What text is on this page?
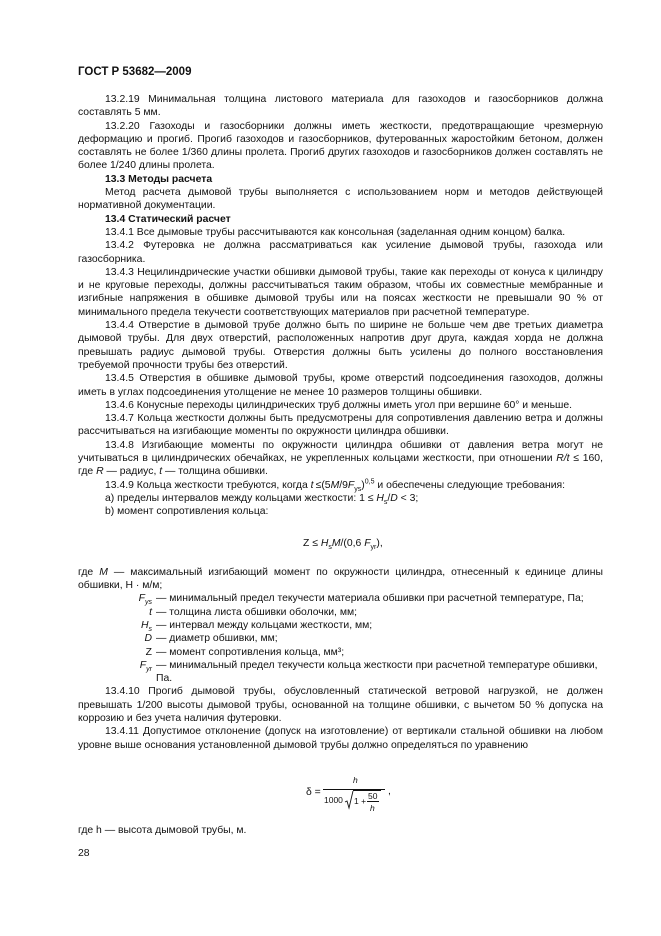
ГОСТ Р 53682—2009

13.2.19 Минимальная толщина листового материала для газоходов и газосборников должна составлять 5 мм.

13.2.20 Газоходы и газосборники должны иметь жесткости, предотвращающие чрезмерную деформацию и прогиб. Прогиб газоходов и газосборников, футерованных жаростойким бетоном, должен составлять не более 1/360 длины пролета. Прогиб других газоходов и газосборников должен составлять не более 1/240 длины пролета.

13.3 Методы расчета

Метод расчета дымовой трубы выполняется с использованием норм и методов действующей нормативной документации.

13.4 Статический расчет

13.4.1 Все дымовые трубы рассчитываются как консольная (заделанная одним концом) балка.

13.4.2 Футеровка не должна рассматриваться как усиление дымовой трубы, газохода или газосборника.

13.4.3 Нецилиндрические участки обшивки дымовой трубы, такие как переходы от конуса к цилиндру и не круговые переходы, должны рассчитываться таким образом, чтобы их совместные мембранные и изгибные напряжения в обшивке дымовой трубы или на поясах жесткости не превышали 90 % от минимального предела текучести соответствующих материалов при расчетной температуре.

13.4.4 Отверстие в дымовой трубе должно быть по ширине не больше чем две третьих диаметра дымовой трубы. Для двух отверстий, расположенных напротив друг друга, каждая хорда не должна превышать радиус дымовой трубы. Отверстия должны быть усилены до полного восстановления требуемой прочности трубы без отверстий.

13.4.5 Отверстия в обшивке дымовой трубы, кроме отверстий подсоединения газоходов, должны иметь в углах подсоединения утолщение не менее 10 размеров толщины обшивки.

13.4.6 Конусные переходы цилиндрических труб должны иметь угол при вершине 60° и меньше.

13.4.7 Кольца жесткости должны быть предусмотрены для сопротивления давлению ветра и должны рассчитываться на изгибающие моменты по окружности цилиндра обшивки.

13.4.8 Изгибающие моменты по окружности цилиндра обшивки от давления ветра могут не учитываться в цилиндрических обечайках, не укрепленных кольцами жесткости, при отношении R/t ≤ 160, где R — радиус, t — толщина обшивки.

13.4.9 Кольца жесткости требуются, когда $t \le(5M/9F_{ys})^{0,5}$ и обеспечены следующие требования:

a) пределы интервалов между кольцами жесткости: $1 \le H_s/D < 3$;

b) момент сопротивления кольца:

$Z \le H_sM/(0,6$ $F_{yr}$),

где M — максимальный изгибающий момент по окружности цилиндра, отнесенный к единице длины обшивки, Н · м/м;
$F_{ys}$ — минимальный предел текучести материала обшивки при расчетной температуре, Па;
t — толщина листа обшивки оболочки, мм;
$H_s$ — интервал между кольцами жесткости, мм;
D — диаметр обшивки, мм;
Z — момент сопротивления кольца, мм³;
$F_{yr}$ — минимальный предел текучести кольца жесткости при расчетной температуре обшивки, Па.

13.4.10 Прогиб дымовой трубы, обусловленный статической ветровой нагрузкой, не должен превышать 1/200 высоты дымовой трубы, основанной на толщине обшивки, с вычетом 50 % допуска на коррозию и без учета наличия футеровки.

13.4.11 Допустимое отклонение (допуск на изготовление) от вертикали стальной обшивки на любом уровне выше основания установленной дымовой трубы должно определяться по уравнению

δ =
h
1000 1 + 50
h
,
где h — высота дымовой трубы, м.
28
